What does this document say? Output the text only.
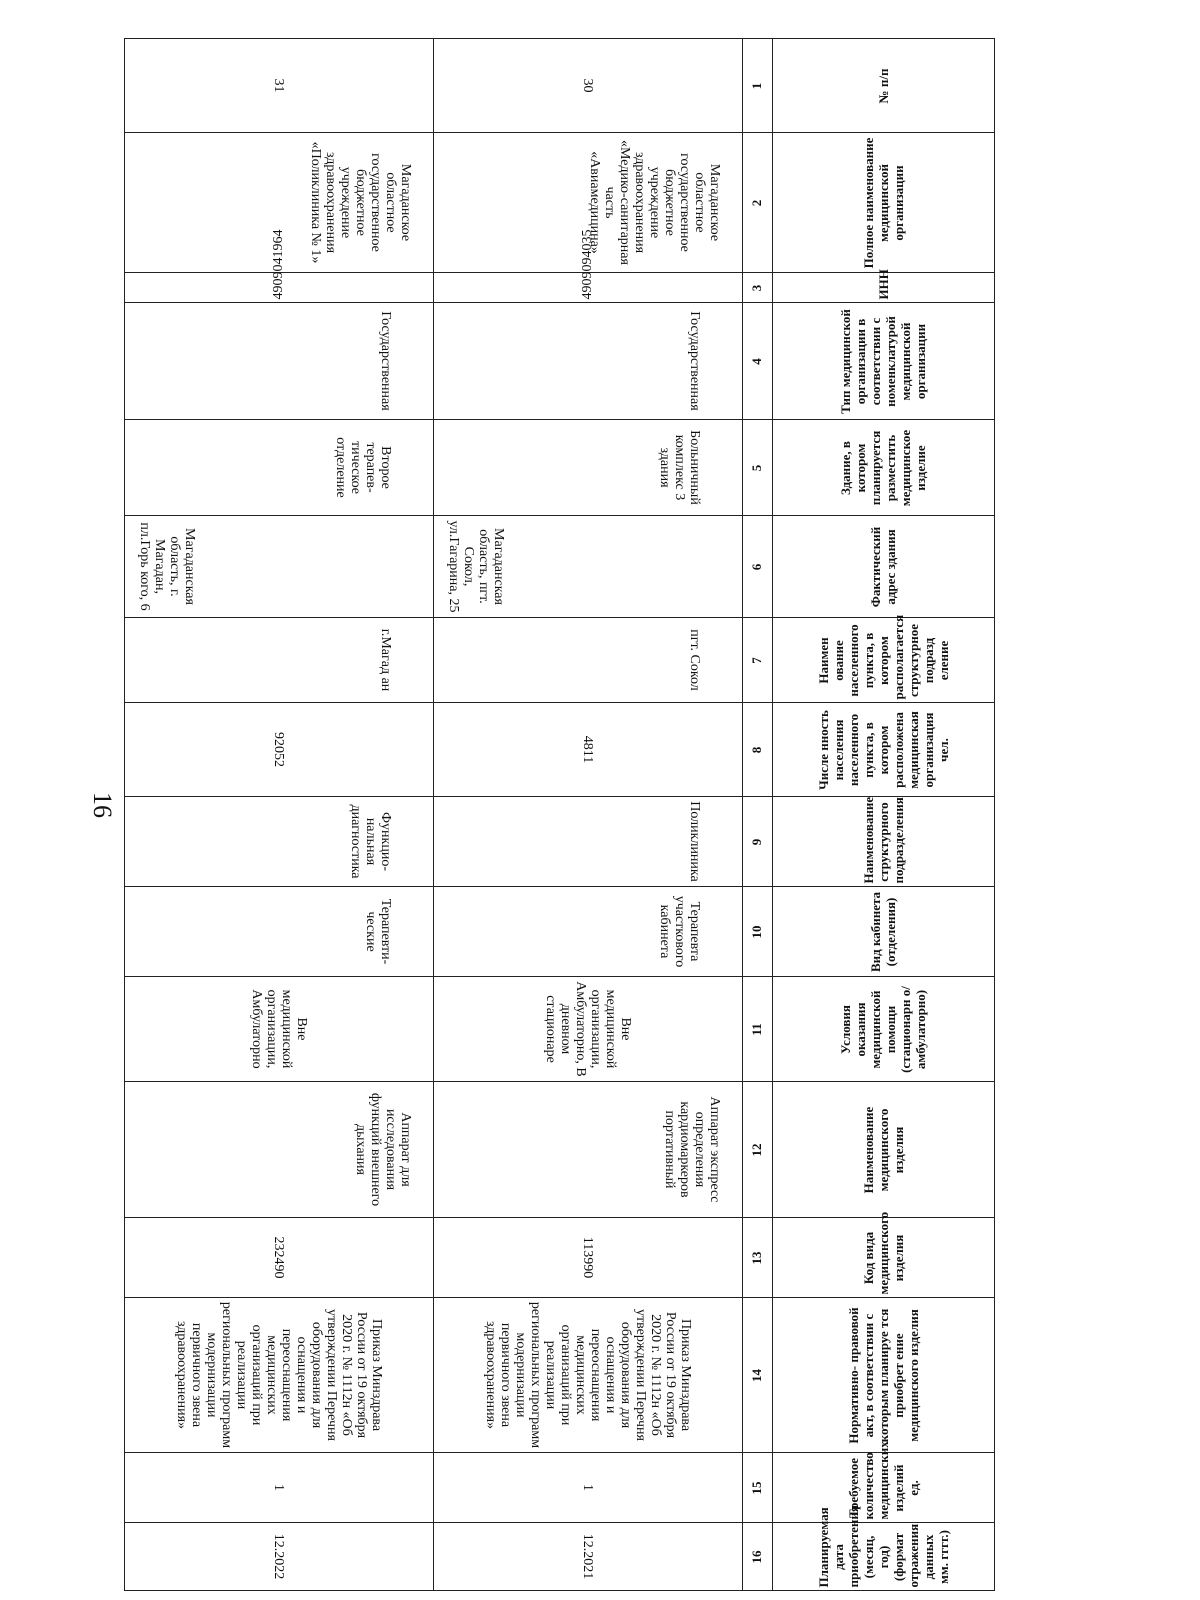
16
№ п/п	Полное наименование медицинской организации	ИНН	Тип медицинской организации в соответствии с номенклатурой медицинской организации	Здание, в котором планируется разместить медицинское изделие	Фактический адрес здания	Наимен ование населенного пункта, в котором располагается структурное подразд еление	Числе нность населения населенного пункта, в котором расположена медицинская организация чел.	Наименование структурного подразделения	Вид кабинета (отделения)	Условия оказания медицинской помощи (стационарн о/амбулаторно)	Наименование медицинского изделия	Код вида медицинского изделия	Нормативно- правовой акт, в соответствии с которым планируе тся приобрет ение медицинского изделия	Требуемое количество медицинских изделий ед.	Планируемая дата приобретения (месяц, год) (формат отражения данных мм. гггг.)
1	2	3	4	5	6	7	8	9	10	11	12	13	14	15	16
30	Магаданское областное государственное бюджетное учреждение здравоохранения «Медико-санитарная часть «Авиамедицина»	4909094035	Государственная	Больничный комплекс 3 здания	Магаданская область, пгт. Сокол, ул.Гагарина, 25	пгт. Сокол	4811	Поликлиника	Терапевта участкового кабинета	Вне медицинской организации, Амбулаторно, В дневном стационаре	Аппарат экспресс определения кардиомаркеров портативный	113990	Приказ Минздрава России от 19 октября 2020 г. № 1112н «Об утверждении Перечня оборудования для оснащения и переоснащения медицинских организаций при реализации региональных программ модернизации первичного звена здравоохранения»	1	12.2021
31	Магаданское областное государственное бюджетное учреждение здравоохранения «Поликлиника № 1»	4909041964	Государственная	Второе терапев-тическое отделение	Магаданская область, г. Магадан, пл.Горь кого, 6	г.Магад ан	92052	Функцио-нальная диагностика	Терапевти-ческие	Вне медицинской организации, Амбулаторно	Аппарат для исследования функций внешнего дыхания	232490	Приказ Минздрава России от 19 октября 2020 г. № 1112н «Об утверждении Перечня оборудования для оснащения и переоснащения медицинских организаций при реализации региональных программ модернизации первичного звена здравоохранения»	1	12.2022
